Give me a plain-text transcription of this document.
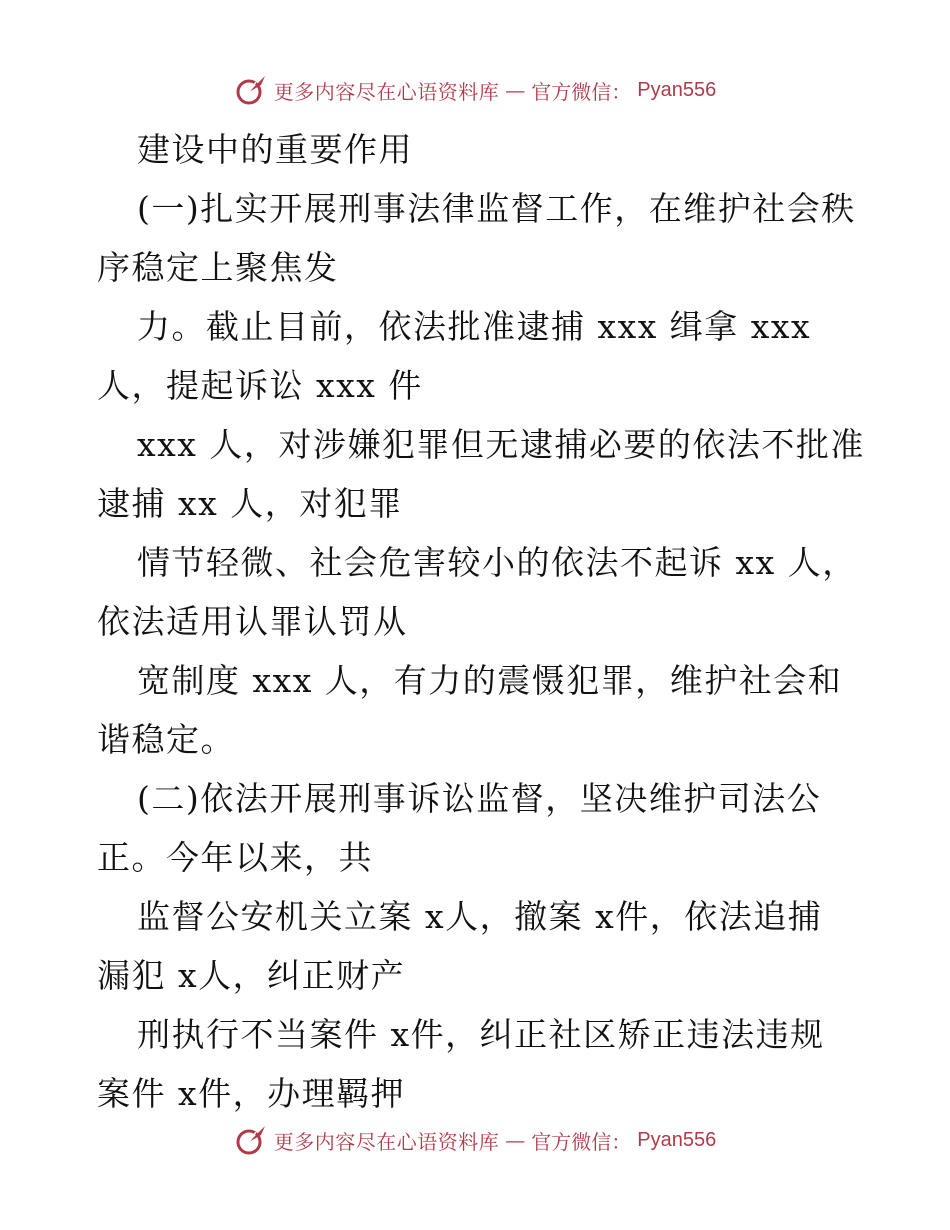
更多内容尽在心语资料库 — 官方微信： Pyan556
建设中的重要作用
(一)扎实开展刑事法律监督工作，在维护社会秩
序稳定上聚焦发
力。截止目前，依法批准逮捕 xxx 缉拿 xxx
人，提起诉讼 xxx 件
xxx 人，对涉嫌犯罪但无逮捕必要的依法不批准
逮捕 xx 人，对犯罪
情节轻微、社会危害较小的依法不起诉 xx 人，
依法适用认罪认罚从
宽制度 xxx 人，有力的震慑犯罪，维护社会和
谐稳定。
(二)依法开展刑事诉讼监督，坚决维护司法公
正。今年以来，共
监督公安机关立案 x人，撤案 x件，依法追捕
漏犯 x人，纠正财产
刑执行不当案件 x件，纠正社区矫正违法违规
案件 x件，办理羁押
更多内容尽在心语资料库 — 官方微信： Pyan556
